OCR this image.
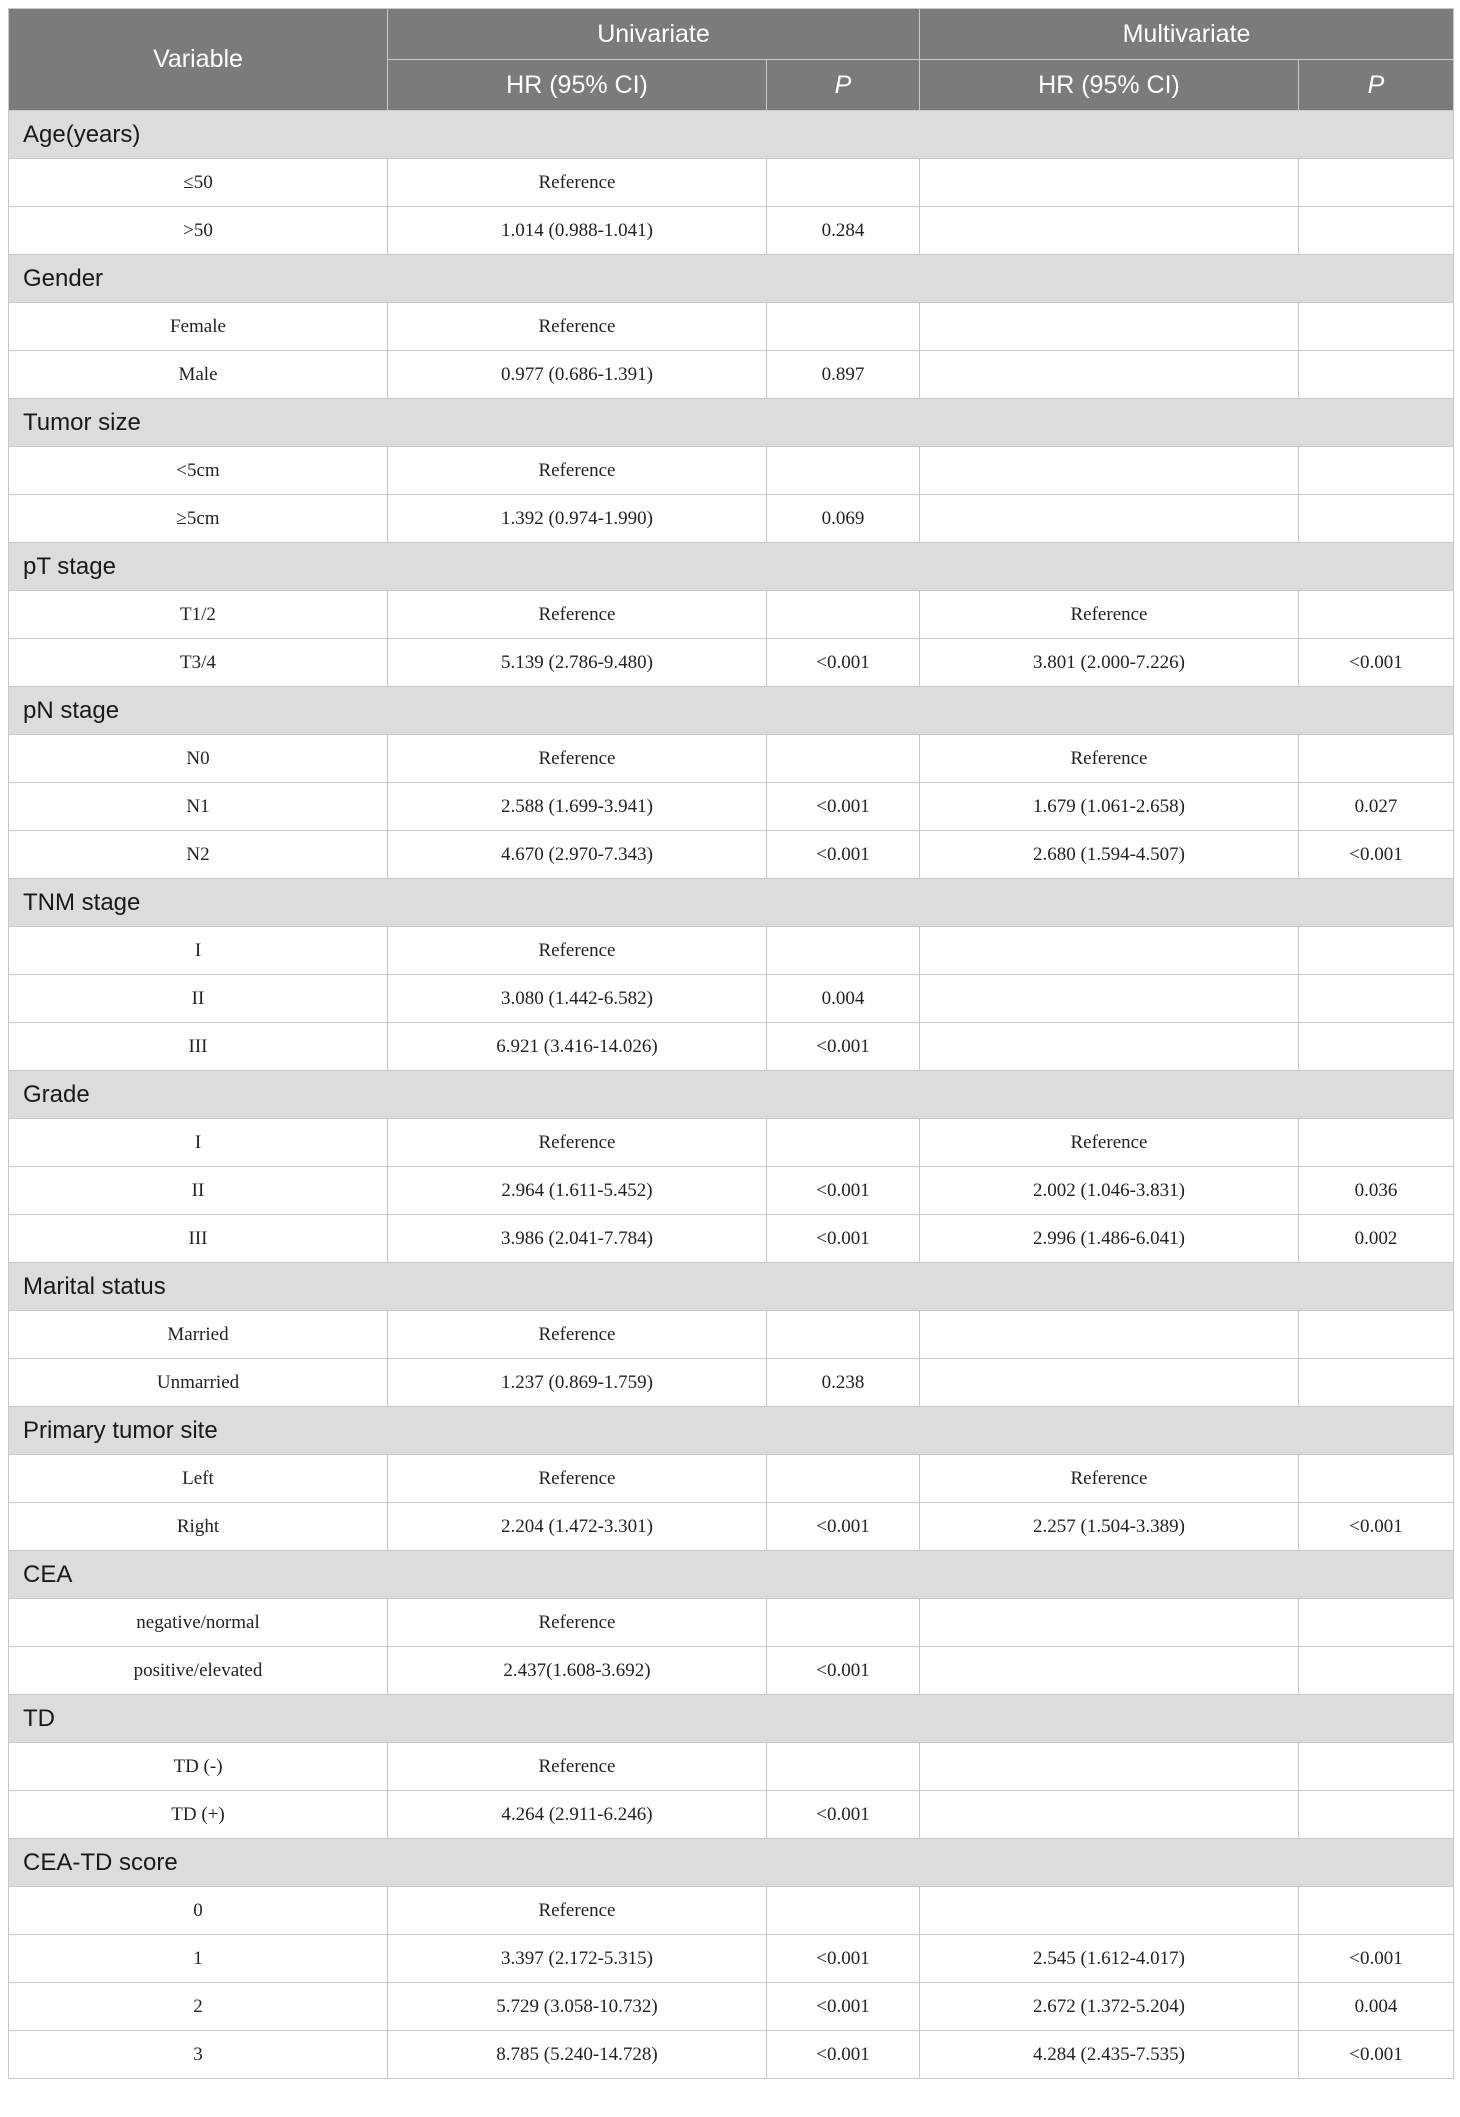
Variable	Univariate		Multivariate	
	HR (95% CI)	P	HR (95% CI)	P
Age(years)				
≤50	Reference			
>50	1.014 (0.988-1.041)	0.284		
Gender				
Female	Reference			
Male	0.977 (0.686-1.391)	0.897		
Tumor size				
<5cm	Reference			
≥5cm	1.392 (0.974-1.990)	0.069		
pT stage				
T1/2	Reference		Reference	
T3/4	5.139 (2.786-9.480)	<0.001	3.801 (2.000-7.226)	<0.001
pN stage				
N0	Reference		Reference	
N1	2.588 (1.699-3.941)	<0.001	1.679 (1.061-2.658)	0.027
N2	4.670 (2.970-7.343)	<0.001	2.680 (1.594-4.507)	<0.001
TNM stage				
I	Reference			
II	3.080 (1.442-6.582)	0.004		
III	6.921 (3.416-14.026)	<0.001		
Grade				
I	Reference		Reference	
II	2.964 (1.611-5.452)	<0.001	2.002 (1.046-3.831)	0.036
III	3.986 (2.041-7.784)	<0.001	2.996 (1.486-6.041)	0.002
Marital status				
Married	Reference			
Unmarried	1.237 (0.869-1.759)	0.238		
Primary tumor site				
Left	Reference		Reference	
Right	2.204 (1.472-3.301)	<0.001	2.257 (1.504-3.389)	<0.001
CEA				
negative/normal	Reference			
positive/elevated	2.437(1.608-3.692)	<0.001		
TD				
TD (-)	Reference			
TD (+)	4.264 (2.911-6.246)	<0.001		
CEA-TD score				
0	Reference			
1	3.397 (2.172-5.315)	<0.001	2.545 (1.612-4.017)	<0.001
2	5.729 (3.058-10.732)	<0.001	2.672 (1.372-5.204)	0.004
3	8.785 (5.240-14.728)	<0.001	4.284 (2.435-7.535)	<0.001
